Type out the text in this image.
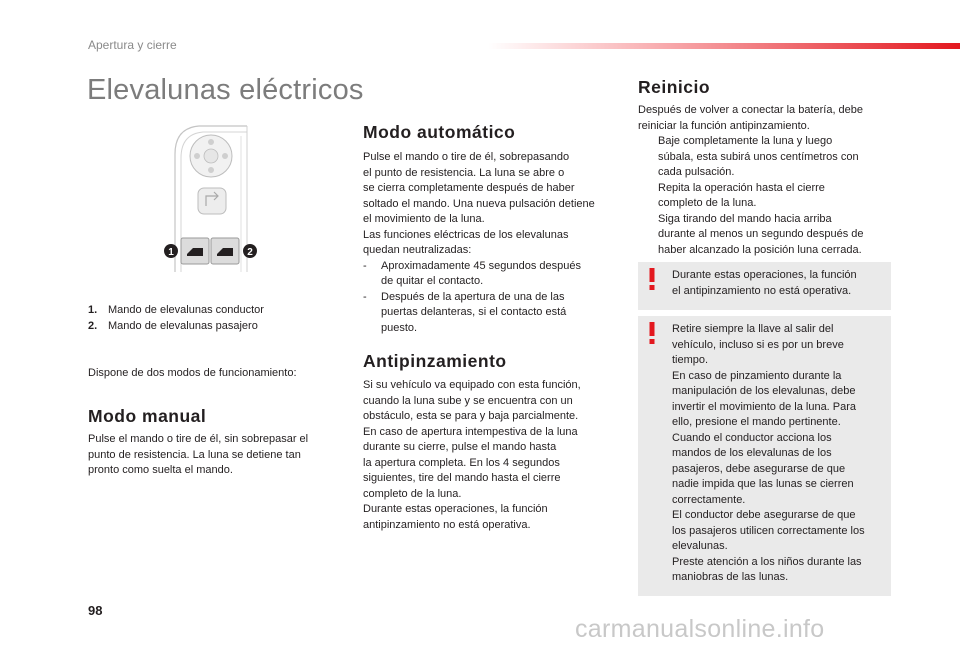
Apertura y cierre
Elevalunas eléctricos
1	2
1. Mando de elevalunas conductor
2. Mando de elevalunas pasajero
Dispone de dos modos de funcionamiento:
Modo manual
Pulse el mando o tire de él, sin sobrepasar el
punto de resistencia. La luna se detiene tan
pronto como suelta el mando.
Modo automático
Pulse el mando o tire de él, sobrepasando
el punto de resistencia. La luna se abre o
se cierra completamente después de haber
soltado el mando. Una nueva pulsación detiene
el movimiento de la luna.
Las funciones eléctricas de los elevalunas
quedan neutralizadas:
-	Aproximadamente 45 segundos después
de quitar el contacto.
-	Después de la apertura de una de las
puertas delanteras, si el contacto está
puesto.
Antipinzamiento
Si su vehículo va equipado con esta función,
cuando la luna sube y se encuentra con un
obstáculo, esta se para y baja parcialmente.
En caso de apertura intempestiva de la luna
durante su cierre, pulse el mando hasta
la apertura completa. En los 4 segundos
siguientes, tire del mando hasta el cierre
completo de la luna.
Durante estas operaciones, la función
antipinzamiento no está operativa.
Reinicio
Después de volver a conectar la batería, debe
reiniciar la función antipinzamiento.
Baje completamente la luna y luego
súbala, esta subirá unos centímetros con
cada pulsación.
Repita la operación hasta el cierre
completo de la luna.
Siga tirando del mando hacia arriba
durante al menos un segundo después de
haber alcanzado la posición luna cerrada.
Durante estas operaciones, la función
el antipinzamiento no está operativa.
Retire siempre la llave al salir del
vehículo, incluso si es por un breve
tiempo.
En caso de pinzamiento durante la
manipulación de los elevalunas, debe
invertir el movimiento de la luna. Para
ello, presione el mando pertinente.
Cuando el conductor acciona los
mandos de los elevalunas de los
pasajeros, debe asegurarse de que
nadie impida que las lunas se cierren
correctamente.
El conductor debe asegurarse de que
los pasajeros utilicen correctamente los
elevalunas.
Preste atención a los niños durante las
maniobras de las lunas.
98
carmanualsonline.info
